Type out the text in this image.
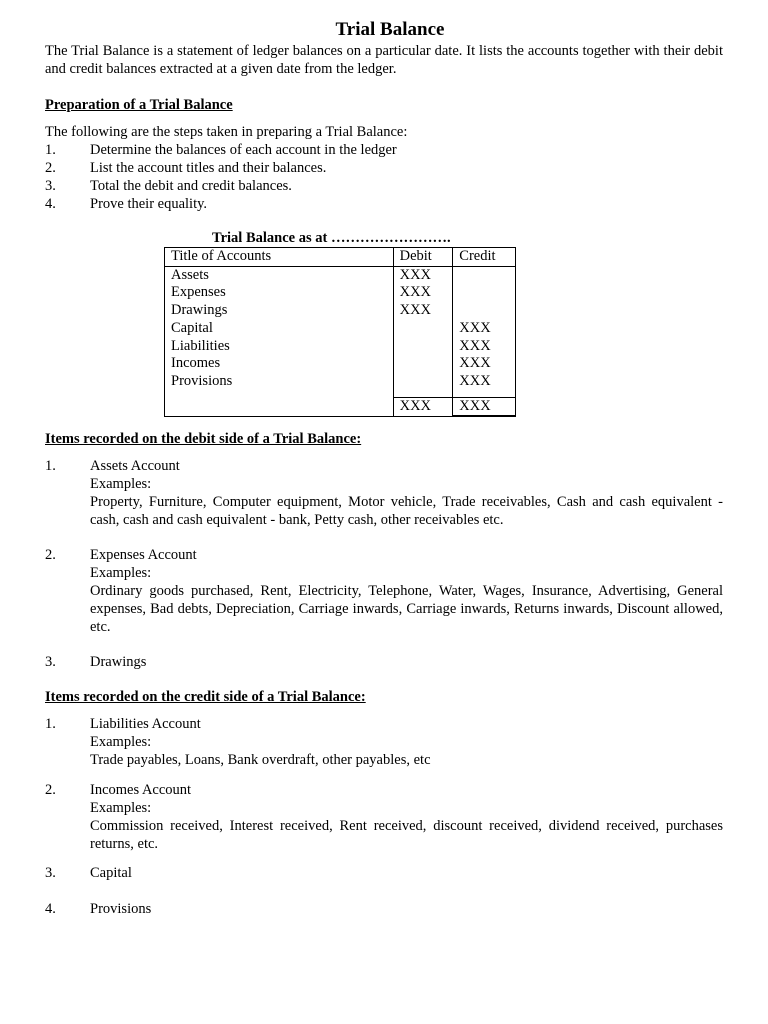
Trial Balance

The Trial Balance is a statement of ledger balances on a particular date. It lists the accounts together with their debit and credit balances extracted at a given date from the ledger.

Preparation of a Trial Balance

The following are the steps taken in preparing a Trial Balance:

1.	Determine the balances of each account in the ledger
2.	List the account titles and their balances.
3.	Total the debit and credit balances.
4.	Prove their equality.
Trial Balance as at …………………….
Title of Accounts	Debit	Credit
Assets	XXX	
Expenses	XXX	
Drawings	XXX	
Capital		XXX
Liabilities		XXX
Incomes		XXX
Provisions		XXX

	XXX	XXX
Items recorded on the debit side of a Trial Balance:
1.	Assets Account
Examples:
Property, Furniture, Computer equipment, Motor vehicle, Trade receivables, Cash and cash equivalent - cash, cash and cash equivalent - bank, Petty cash, other receivables etc.
2.	Expenses Account
Examples:
Ordinary goods purchased, Rent, Electricity, Telephone, Water, Wages, Insurance, Advertising, General expenses, Bad debts, Depreciation, Carriage inwards, Carriage inwards, Returns inwards, Discount allowed, etc.
3.	Drawings
Items recorded on the credit side of a Trial Balance:
1.	Liabilities Account
Examples:
Trade payables, Loans, Bank overdraft, other payables, etc
2.	Incomes Account
Examples:
Commission received, Interest received, Rent received, discount received, dividend received, purchases returns, etc.
3.	Capital
4.	Provisions
